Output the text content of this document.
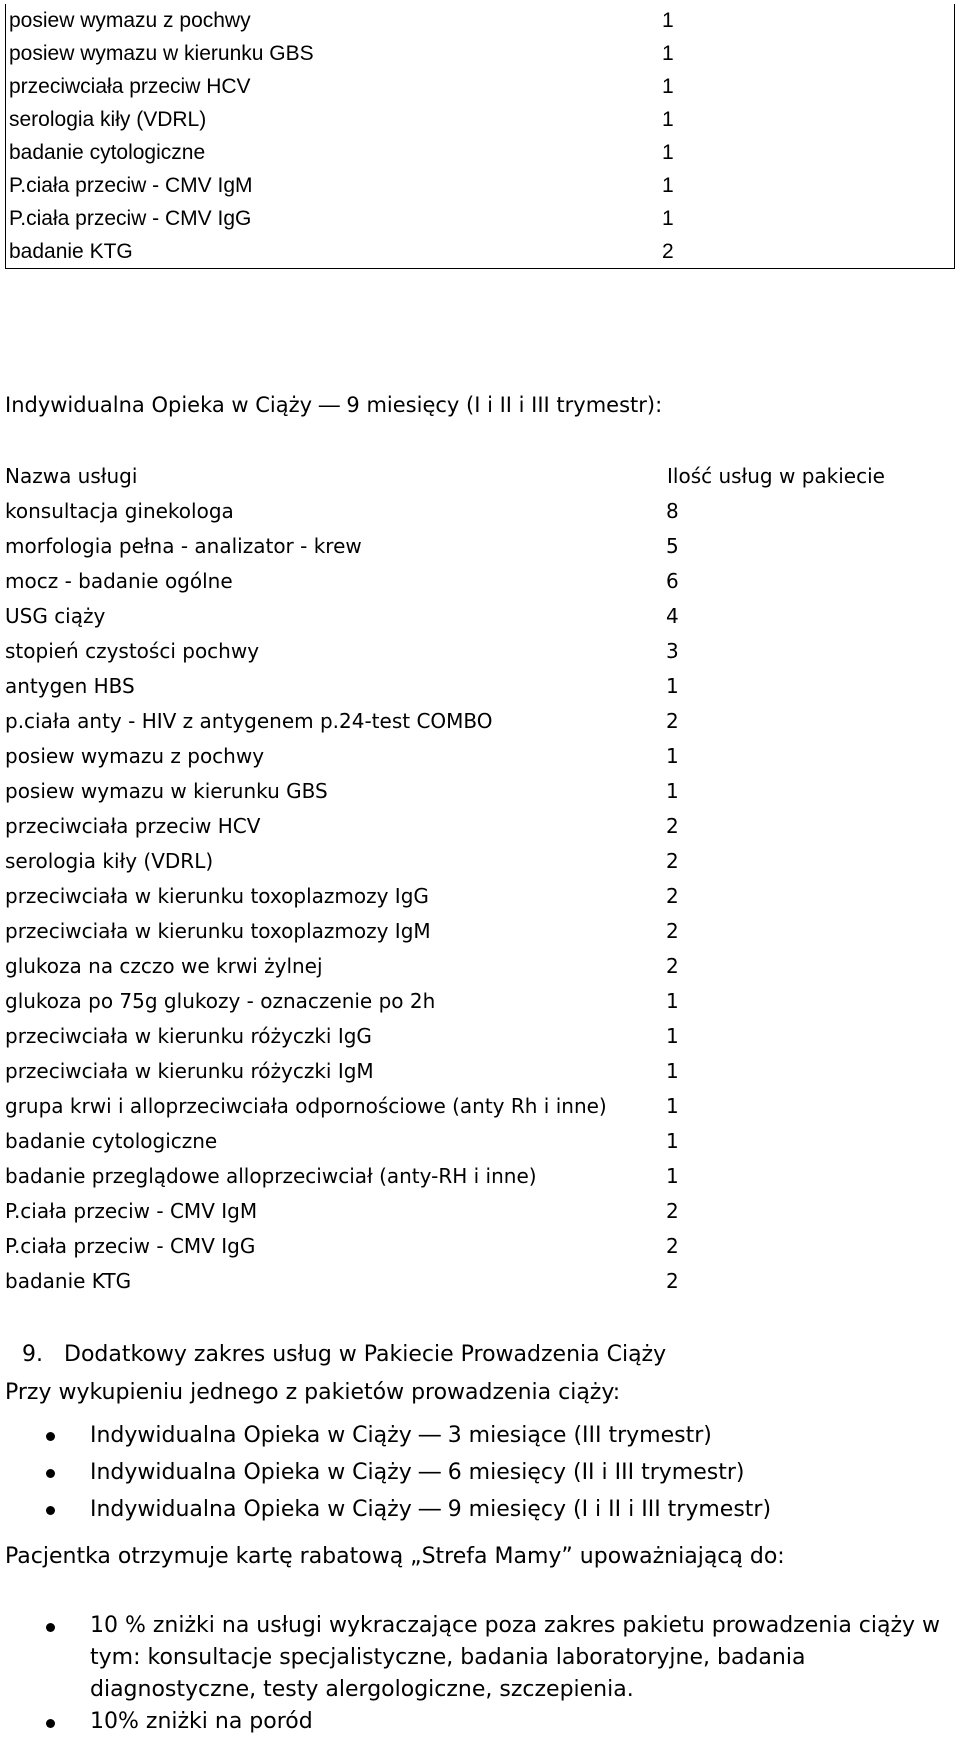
posiew wymazu z pochwy	1
posiew wymazu w kierunku GBS	1
przeciwciała przeciw HCV	1
serologia kiły (VDRL)	1
badanie cytologiczne	1
P.ciała przeciw - CMV IgM	1
P.ciała przeciw - CMV IgG	1
badanie KTG	2
Indywidualna Opieka w Ciąży ― 9 miesięcy (I i II i III trymestr):
Nazwa usługi	Ilość usług w pakiecie
konsultacja ginekologa	8
morfologia pełna - analizator - krew	5
mocz - badanie ogólne	6
USG ciąży	4
stopień czystości pochwy	3
antygen HBS	1
p.ciała anty - HIV z antygenem p.24-test COMBO	2
posiew wymazu z pochwy	1
posiew wymazu w kierunku GBS	1
przeciwciała przeciw HCV	2
serologia kiły (VDRL)	2
przeciwciała w kierunku toxoplazmozy IgG	2
przeciwciała w kierunku toxoplazmozy IgM	2
glukoza na czczo we krwi żylnej	2
glukoza po 75g glukozy - oznaczenie po 2h	1
przeciwciała w kierunku różyczki IgG	1
przeciwciała w kierunku różyczki IgM	1
grupa krwi i alloprzeciwciała odpornościowe (anty Rh i inne)	1
badanie cytologiczne	1
badanie przeglądowe alloprzeciwciał (anty-RH i inne)	1
P.ciała przeciw - CMV IgM	2
P.ciała przeciw - CMV IgG	2
badanie KTG	2
9. Dodatkowy zakres usług w Pakiecie Prowadzenia Ciąży
Przy wykupieniu jednego z pakietów prowadzenia ciąży:
Indywidualna Opieka w Ciąży ― 3 miesiące (III trymestr)
Indywidualna Opieka w Ciąży ― 6 miesięcy (II i III trymestr)
Indywidualna Opieka w Ciąży ― 9 miesięcy (I i II i III trymestr)
Pacjentka otrzymuje kartę rabatową „Strefa Mamy” upoważniającą do:
10 % zniżki na usługi wykraczające poza zakres pakietu prowadzenia ciąży w tym: konsultacje specjalistyczne, badania laboratoryjne, badania diagnostyczne, testy alergologiczne, szczepienia.
10% zniżki na poród
